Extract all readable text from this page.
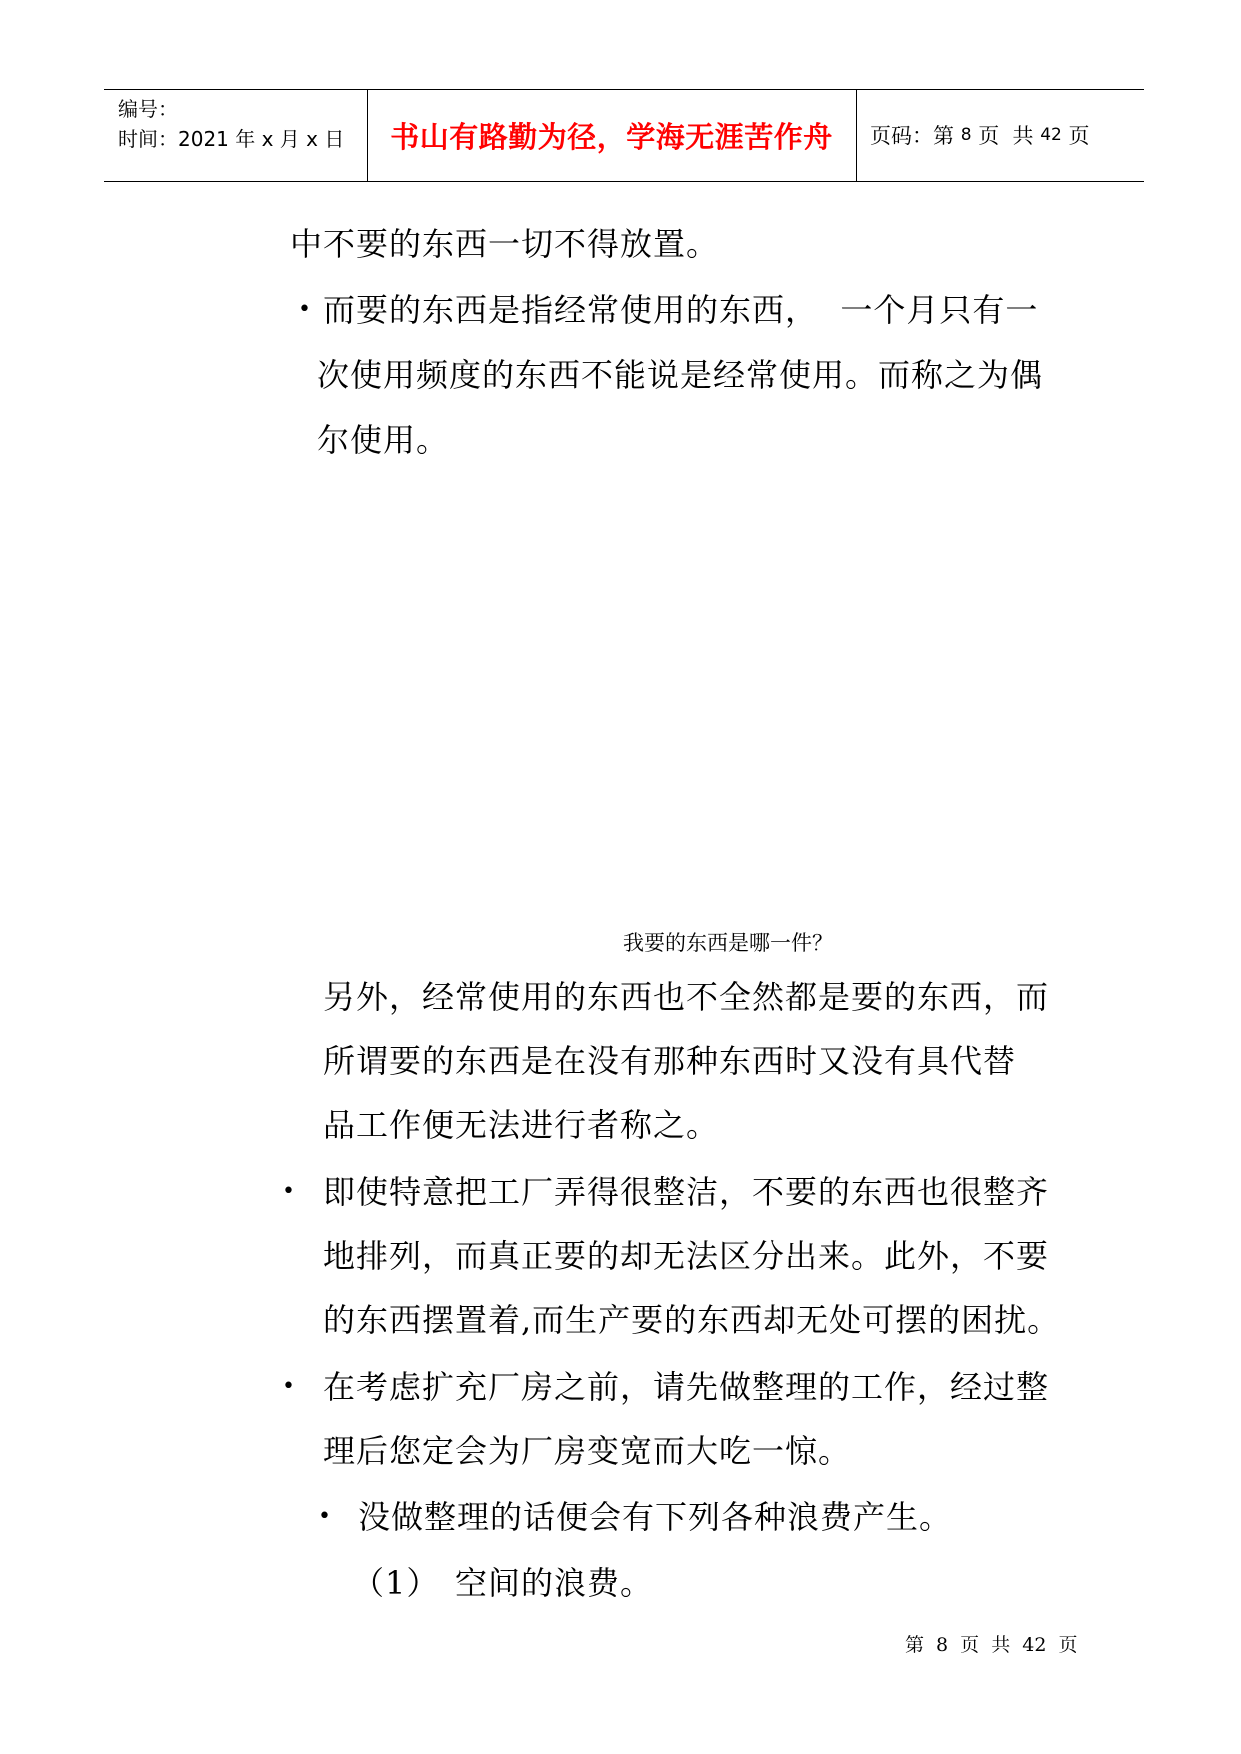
编号：
时间：2021 年 x 月 x 日	书山有路勤为径，学海无涯苦作舟	页码：第 8 页  共 42 页
中不要的东西一切不得放置。
• 而要的东西是指经常使用的东西，  一个月只有一
次使用频度的东西不能说是经常使用。而称之为偶
尔使用。
我要的东西是哪一件？
另外，经常使用的东西也不全然都是要的东西，而
所谓要的东西是在没有那种东西时又没有具代替
品工作便无法进行者称之。
• 即使特意把工厂弄得很整洁，不要的东西也很整齐
地排列，而真正要的却无法区分出来。此外，不要
的东西摆置着,而生产要的东西却无处可摆的困扰。
• 在考虑扩充厂房之前，请先做整理的工作，经过整
理后您定会为厂房变宽而大吃一惊。
• 没做整理的话便会有下列各种浪费产生。
（1） 空间的浪费。
第 8 页 共 42 页
